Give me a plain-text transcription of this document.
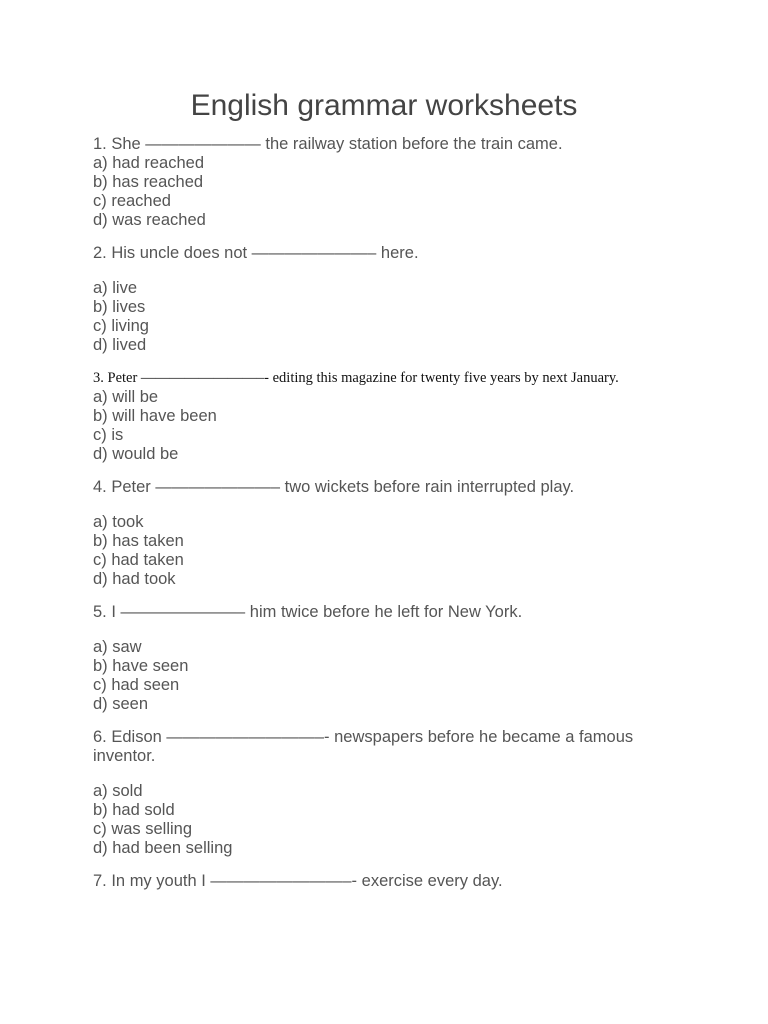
English grammar worksheets

1. She ——————— the railway station before the train came.

a) had reached

b) has reached

c) reached

d) was reached

2. His uncle does not ———————– here.

a) live

b) lives

c) living

d) lived

3. Peter ————————–- editing this magazine for twenty five years by next January.

a) will be

b) will have been

c) is

d) would be

4. Peter ———————– two wickets before rain interrupted play.

a) took

b) has taken

c) had taken

d) had took

5. I ———————– him twice before he left for New York.

a) saw

b) have seen

c) had seen

d) seen

6. Edison —————————–- newspapers before he became a famous inventor.

a) sold

b) had sold

c) was selling

d) had been selling

7. In my youth I ————————–- exercise every day.
